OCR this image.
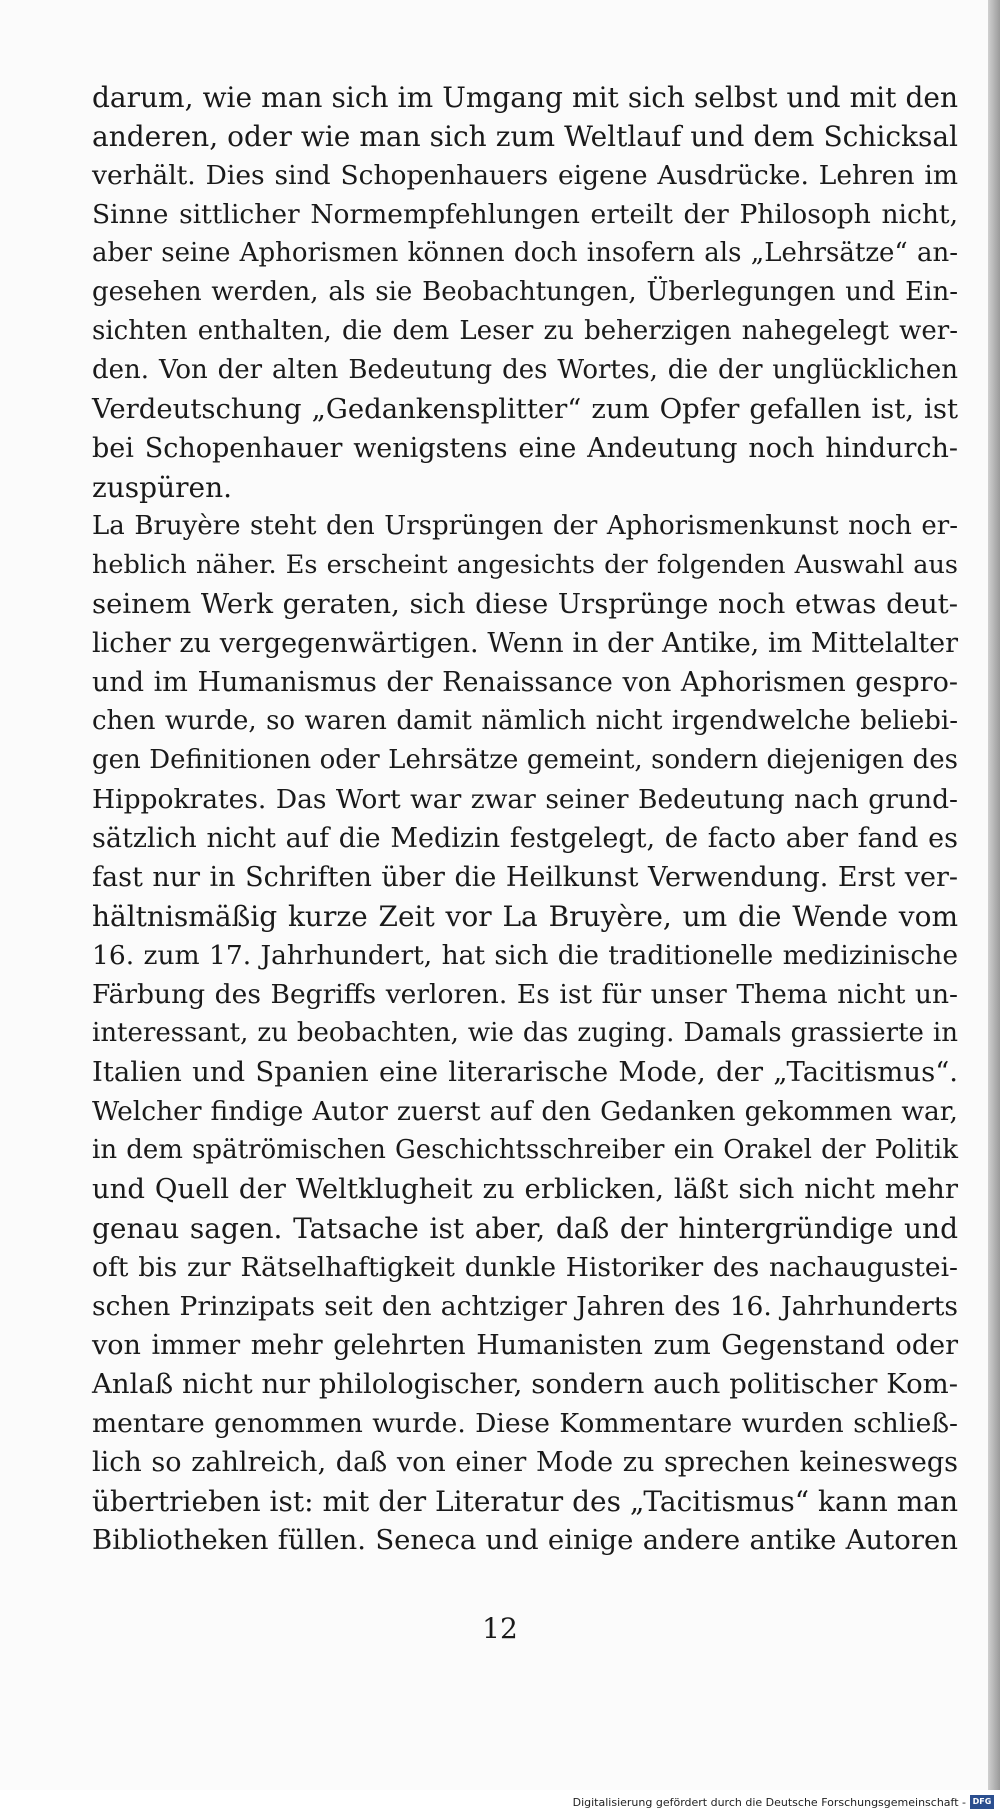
darum, wie man sich im Umgang mit sich selbst und mit den
anderen, oder wie man sich zum Weltlauf und dem Schicksal
verhält. Dies sind Schopenhauers eigene Ausdrücke. Lehren im
Sinne sittlicher Normempfehlungen erteilt der Philosoph nicht,
aber seine Aphorismen können doch insofern als „Lehrsätze“ an-
gesehen werden, als sie Beobachtungen, Überlegungen und Ein-
sichten enthalten, die dem Leser zu beherzigen nahegelegt wer-
den. Von der alten Bedeutung des Wortes, die der unglücklichen
Verdeutschung „Gedankensplitter“ zum Opfer gefallen ist, ist
bei Schopenhauer wenigstens eine Andeutung noch hindurch-
zuspüren.
La Bruyère steht den Ursprüngen der Aphorismenkunst noch er-
heblich näher. Es erscheint angesichts der folgenden Auswahl aus
seinem Werk geraten, sich diese Ursprünge noch etwas deut-
licher zu vergegenwärtigen. Wenn in der Antike, im Mittelalter
und im Humanismus der Renaissance von Aphorismen gespro-
chen wurde, so waren damit nämlich nicht irgendwelche beliebi-
gen Definitionen oder Lehrsätze gemeint, sondern diejenigen des
Hippokrates. Das Wort war zwar seiner Bedeutung nach grund-
sätzlich nicht auf die Medizin festgelegt, de facto aber fand es
fast nur in Schriften über die Heilkunst Verwendung. Erst ver-
hältnismäßig kurze Zeit vor La Bruyère, um die Wende vom
16. zum 17. Jahrhundert, hat sich die traditionelle medizinische
Färbung des Begriffs verloren. Es ist für unser Thema nicht un-
interessant, zu beobachten, wie das zuging. Damals grassierte in
Italien und Spanien eine literarische Mode, der „Tacitismus“.
Welcher findige Autor zuerst auf den Gedanken gekommen war,
in dem spätrömischen Geschichtsschreiber ein Orakel der Politik
und Quell der Weltklugheit zu erblicken, läßt sich nicht mehr
genau sagen. Tatsache ist aber, daß der hintergründige und
oft bis zur Rätselhaftigkeit dunkle Historiker des nachaugustei-
schen Prinzipats seit den achtziger Jahren des 16. Jahrhunderts
von immer mehr gelehrten Humanisten zum Gegenstand oder
Anlaß nicht nur philologischer, sondern auch politischer Kom-
mentare genommen wurde. Diese Kommentare wurden schließ-
lich so zahlreich, daß von einer Mode zu sprechen keineswegs
übertrieben ist: mit der Literatur des „Tacitismus“ kann man
Bibliotheken füllen. Seneca und einige andere antike Autoren
12
Digitalisierung gefördert durch die Deutsche Forschungsgemeinschaft - DFG
